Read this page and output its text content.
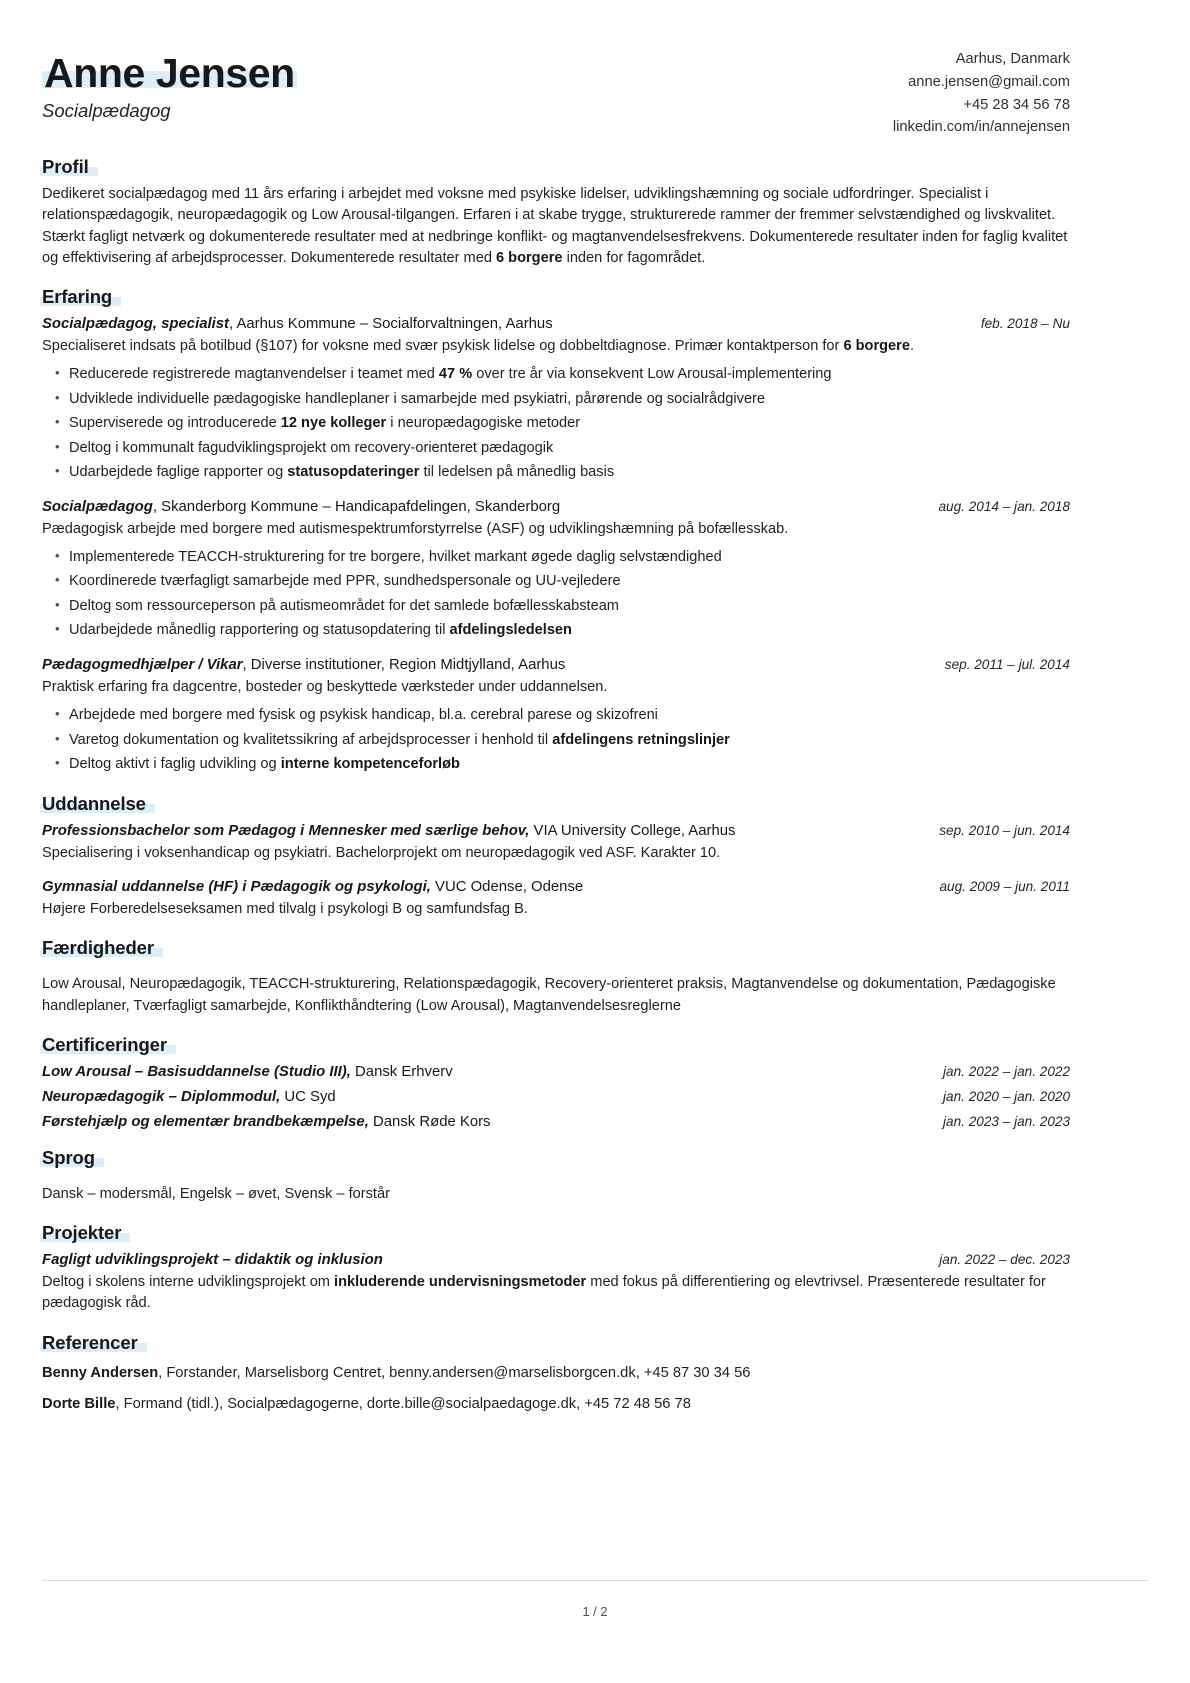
Anne Jensen
Socialpædagog
Aarhus, Danmark
anne.jensen@gmail.com
+45 28 34 56 78
linkedin.com/in/annejensen
Profil
Dedikeret socialpædagog med 11 års erfaring i arbejdet med voksne med psykiske lidelser, udviklingshæmning og sociale udfordringer. Specialist i relationspædagogik, neuropædagogik og Low Arousal-tilgangen. Erfaren i at skabe trygge, strukturerede rammer der fremmer selvstændighed og livskvalitet. Stærkt fagligt netværk og dokumenterede resultater med at nedbringe konflikt- og magtanvendelsesfrekvens. Dokumenterede resultater inden for faglig kvalitet og effektivisering af arbejdsprocesser. Dokumenterede resultater med 6 borgere inden for fagområdet.
Erfaring
Socialpædagog, specialist, Aarhus Kommune – Socialforvaltningen, Aarhus	feb. 2018 – Nu
Specialiseret indsats på botilbud (§107) for voksne med svær psykisk lidelse og dobbeltdiagnose. Primær kontaktperson for 6 borgere.
• Reducerede registrerede magtanvendelser i teamet med 47 % over tre år via konsekvent Low Arousal-implementering
• Udviklede individuelle pædagogiske handleplaner i samarbejde med psykiatri, pårørende og socialrådgivere
• Superviserede og introducerede 12 nye kolleger i neuropædagogiske metoder
• Deltog i kommunalt fagudviklingsprojekt om recovery-orienteret pædagogik
• Udarbejdede faglige rapporter og statusopdateringer til ledelsen på månedlig basis
Socialpædagog, Skanderborg Kommune – Handicapafdelingen, Skanderborg	aug. 2014 – jan. 2018
Pædagogisk arbejde med borgere med autismespektrumforstyrrelse (ASF) og udviklingshæmning på bofællesskab.
• Implementerede TEACCH-strukturering for tre borgere, hvilket markant øgede daglig selvstændighed
• Koordinerede tværfagligt samarbejde med PPR, sundhedspersonale og UU-vejledere
• Deltog som ressourceperson på autismeområdet for det samlede bofællesskabsteam
• Udarbejdede månedlig rapportering og statusopdatering til afdelingsledelsen
Pædagogmedhjælper / Vikar, Diverse institutioner, Region Midtjylland, Aarhus	sep. 2011 – jul. 2014
Praktisk erfaring fra dagcentre, bosteder og beskyttede værksteder under uddannelsen.
• Arbejdede med borgere med fysisk og psykisk handicap, bl.a. cerebral parese og skizofreni
• Varetog dokumentation og kvalitetssikring af arbejdsprocesser i henhold til afdelingens retningslinjer
• Deltog aktivt i faglig udvikling og interne kompetenceforløb
Uddannelse
Professionsbachelor som Pædagog i Mennesker med særlige behov, VIA University College, Aarhus	sep. 2010 – jun. 2014
Specialisering i voksenhandicap og psykiatri. Bachelorprojekt om neuropædagogik ved ASF. Karakter 10.
Gymnasial uddannelse (HF) i Pædagogik og psykologi, VUC Odense, Odense	aug. 2009 – jun. 2011
Højere Forberedelseseksamen med tilvalg i psykologi B og samfundsfag B.
Færdigheder
Low Arousal, Neuropædagogik, TEACCH-strukturering, Relationspædagogik, Recovery-orienteret praksis, Magtanvendelse og dokumentation, Pædagogiske handleplaner, Tværfagligt samarbejde, Konflikthåndtering (Low Arousal), Magtanvendelsesreglerne
Certificeringer
Low Arousal – Basisuddannelse (Studio III), Dansk Erhverv	jan. 2022 – jan. 2022
Neuropædagogik – Diplommodul, UC Syd	jan. 2020 – jan. 2020
Førstehjælp og elementær brandbekæmpelse, Dansk Røde Kors	jan. 2023 – jan. 2023
Sprog
Dansk – modersmål, Engelsk – øvet, Svensk – forstår
Projekter
Fagligt udviklingsprojekt – didaktik og inklusion	jan. 2022 – dec. 2023
Deltog i skolens interne udviklingsprojekt om inkluderende undervisningsmetoder med fokus på differentiering og elevtrivsel. Præsenterede resultater for pædagogisk råd.
Referencer
Benny Andersen, Forstander, Marselisborg Centret, benny.andersen@marselisborgcen.dk, +45 87 30 34 56
Dorte Bille, Formand (tidl.), Socialpædagogerne, dorte.bille@socialpaedagoge.dk, +45 72 48 56 78
1 / 2
